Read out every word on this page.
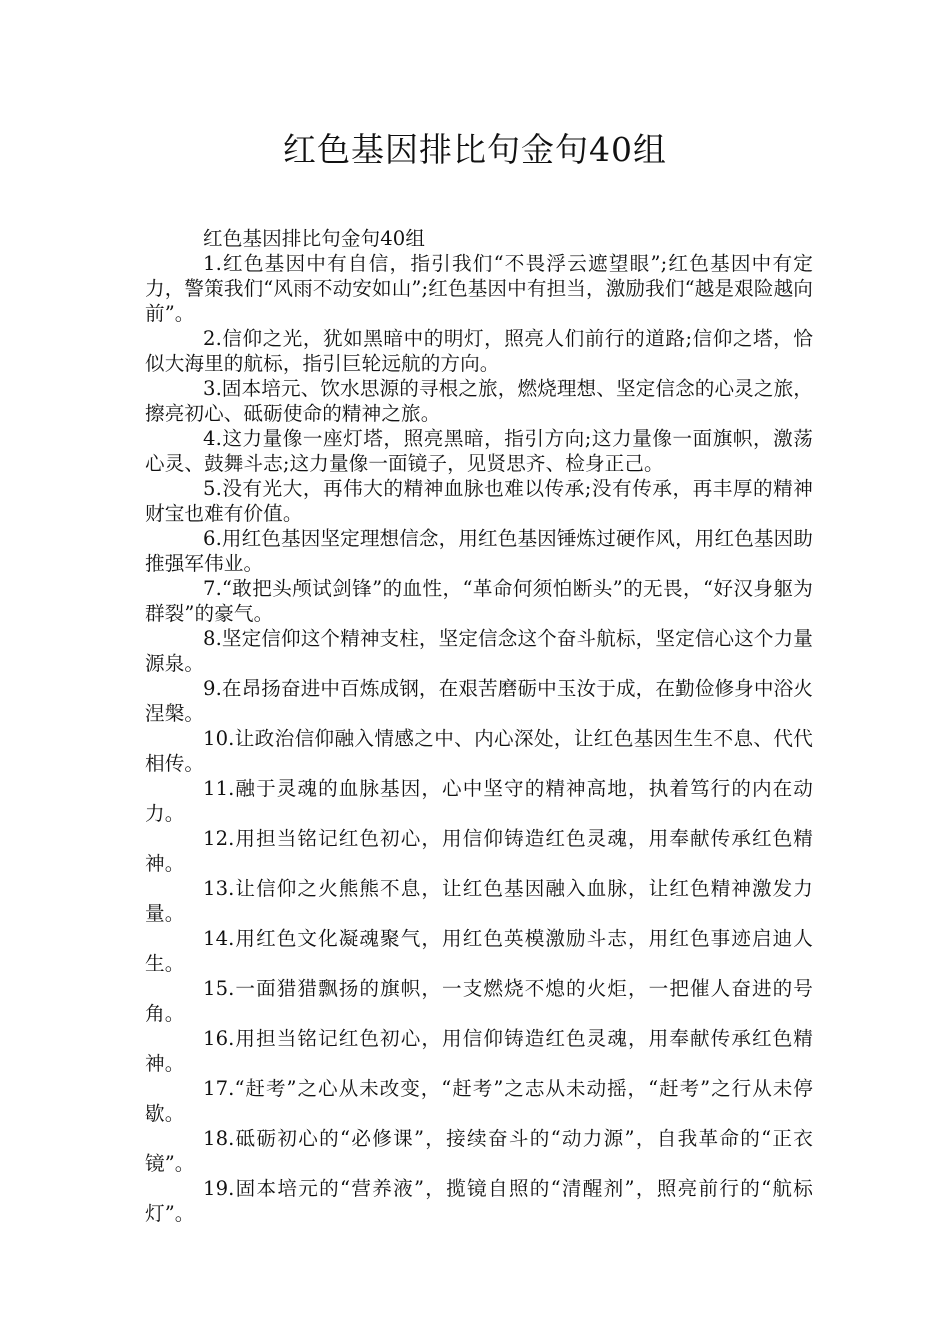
红色基因排比句金句40组

红色基因排比句金句40组

1.红色基因中有自信，指引我们“不畏浮云遮望眼”;红色基因中有定力，警策我们“风雨不动安如山”;红色基因中有担当，激励我们“越是艰险越向前”。

2.信仰之光，犹如黑暗中的明灯，照亮人们前行的道路;信仰之塔，恰似大海里的航标，指引巨轮远航的方向。

3.固本培元、饮水思源的寻根之旅，燃烧理想、坚定信念的心灵之旅，擦亮初心、砥砺使命的精神之旅。

4.这力量像一座灯塔，照亮黑暗，指引方向;这力量像一面旗帜，激荡心灵、鼓舞斗志;这力量像一面镜子，见贤思齐、检身正己。

5.没有光大，再伟大的精神血脉也难以传承;没有传承，再丰厚的精神财宝也难有价值。

6.用红色基因坚定理想信念，用红色基因锤炼过硬作风，用红色基因助推强军伟业。

7.“敢把头颅试剑锋”的血性，“革命何须怕断头”的无畏，“好汉身躯为群裂”的豪气。

8.坚定信仰这个精神支柱，坚定信念这个奋斗航标，坚定信心这个力量源泉。

9.在昂扬奋进中百炼成钢，在艰苦磨砺中玉汝于成，在勤俭修身中浴火涅槃。

10.让政治信仰融入情感之中、内心深处，让红色基因生生不息、代代相传。

11.融于灵魂的血脉基因，心中坚守的精神高地，执着笃行的内在动力。

12.用担当铭记红色初心，用信仰铸造红色灵魂，用奉献传承红色精神。

13.让信仰之火熊熊不息，让红色基因融入血脉，让红色精神激发力量。

14.用红色文化凝魂聚气，用红色英模激励斗志，用红色事迹启迪人生。

15.一面猎猎飘扬的旗帜，一支燃烧不熄的火炬，一把催人奋进的号角。

16.用担当铭记红色初心，用信仰铸造红色灵魂，用奉献传承红色精神。

17.“赶考”之心从未改变，“赶考”之志从未动摇，“赶考”之行从未停歇。

18.砥砺初心的“必修课”，接续奋斗的“动力源”，自我革命的“正衣镜”。

19.固本培元的“营养液”，揽镜自照的“清醒剂”，照亮前行的“航标灯”。
